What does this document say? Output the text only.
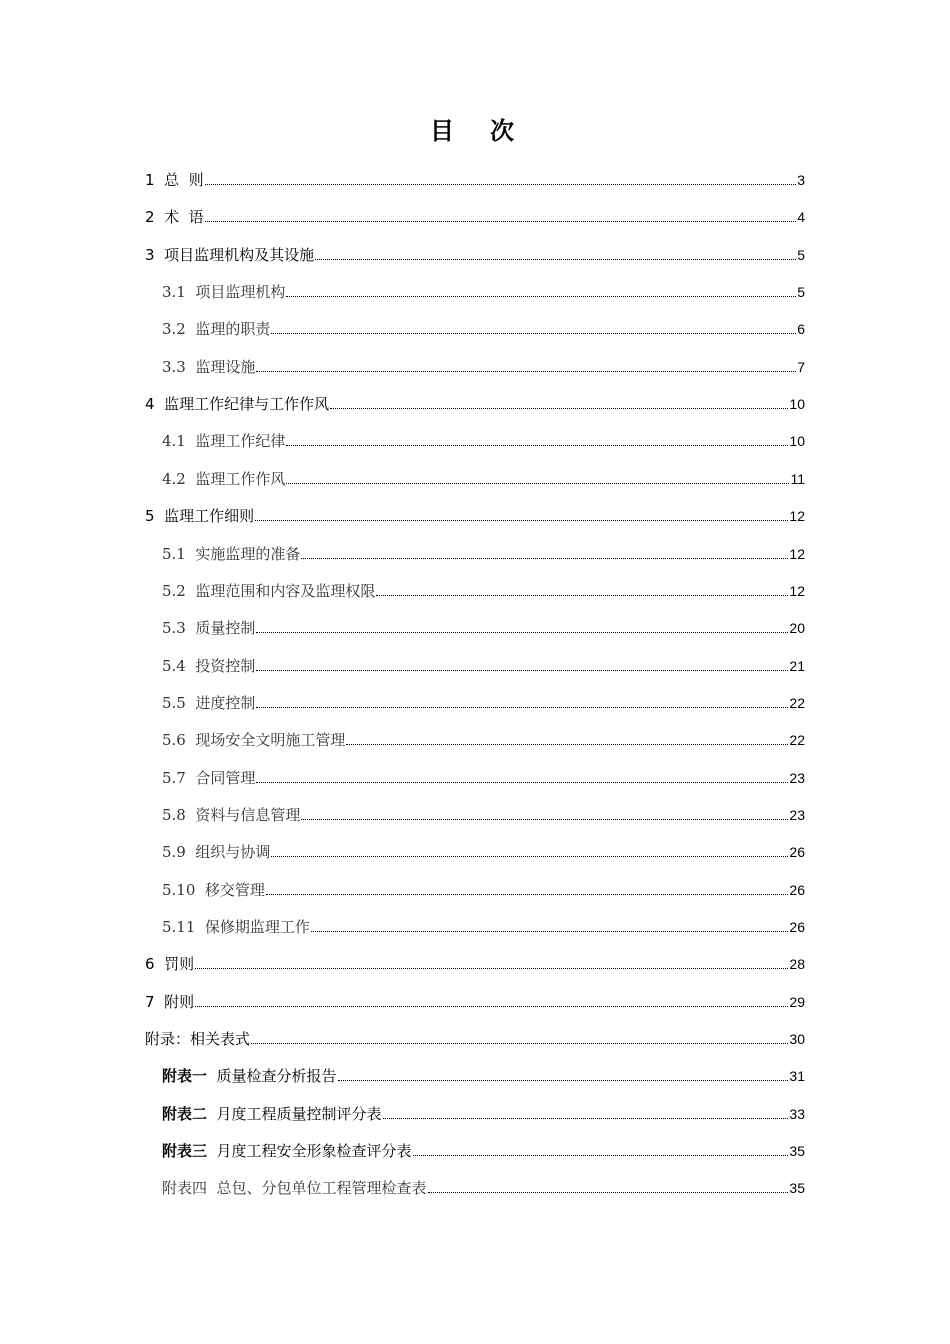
目　次
1  总  则	3
2  术  语	4
3  项目监理机构及其设施	5
3.1  项目监理机构	5
3.2  监理的职责	6
3.3  监理设施	7
4  监理工作纪律与工作作风	10
4.1  监理工作纪律	10
4.2  监理工作作风	11
5  监理工作细则	12
5.1  实施监理的准备	12
5.2  监理范围和内容及监理权限	12
5.3  质量控制	20
5.4  投资控制	21
5.5  进度控制	22
5.6  现场安全文明施工管理	22
5.7  合同管理	23
5.8  资料与信息管理	23
5.9  组织与协调	26
5.10  移交管理	26
5.11  保修期监理工作	26
6  罚则	28
7  附则	29
附录：相关表式	30
附表一  质量检查分析报告	31
附表二  月度工程质量控制评分表	33
附表三  月度工程安全形象检查评分表	35
附表四  总包、分包单位工程管理检查表	35
